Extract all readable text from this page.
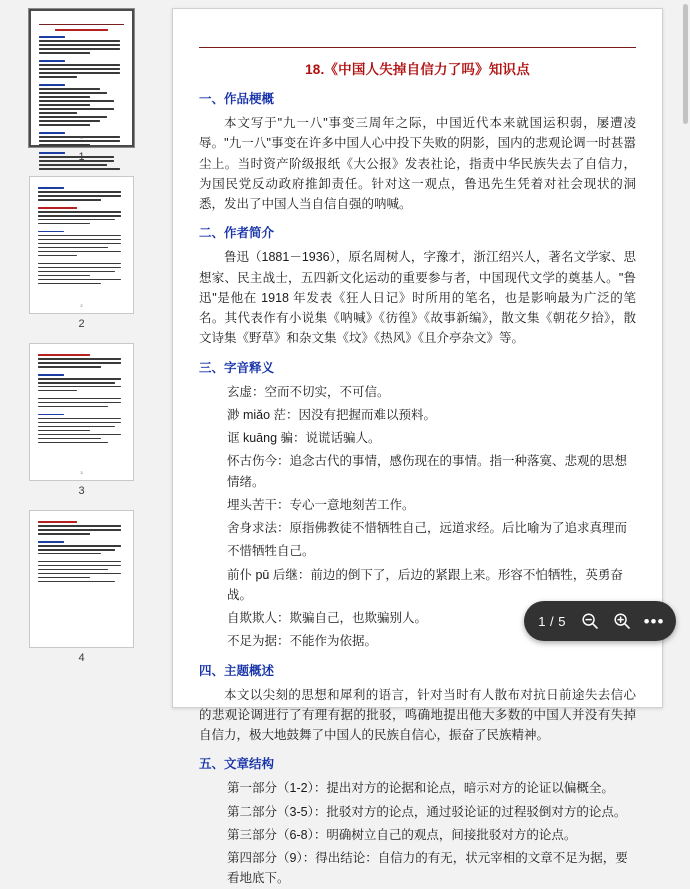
1
2
2
3
3
4
18.《中国人失掉自信力了吗》知识点
一、作品梗概

本文写于"九一八"事变三周年之际，中国近代本来就国运积弱，屡遭凌辱。"九一八"事变在许多中国人心中投下失败的阴影，国内的悲观论调一时甚嚣尘上。当时资产阶级报纸《大公报》发表社论，指责中华民族失去了自信力，为国民党反动政府推卸责任。针对这一观点，鲁迅先生凭着对社会现状的洞悉，发出了中国人当自信自强的呐喊。

二、作者简介

鲁迅（1881－1936），原名周树人，字豫才，浙江绍兴人，著名文学家、思想家、民主战士，五四新文化运动的重要参与者，中国现代文学的奠基人。"鲁迅"是他在 1918 年发表《狂人日记》时所用的笔名，也是影响最为广泛的笔名。其代表作有小说集《呐喊》《彷徨》《故事新编》，散文集《朝花夕拾》，散文诗集《野草》和杂文集《坟》《热风》《且介亭杂文》等。

三、字音释义

玄虚：空而不切实，不可信。

渺 miǎo 茫：因没有把握而难以预料。

诓 kuāng 骗：说谎话骗人。

怀古伤今：追念古代的事情，感伤现在的事情。指一种落寞、悲观的思想情绪。

埋头苦干：专心一意地刻苦工作。

舍身求法：原指佛教徒不惜牺牲自己，远道求经。后比喻为了追求真理而

不惜牺牲自己。

前仆 pū 后继：前边的倒下了，后边的紧跟上来。形容不怕牺牲，英勇奋战。

自欺欺人：欺骗自己，也欺骗别人。

不足为据：不能作为依据。

四、主题概述

本文以尖刻的思想和犀利的语言，针对当时有人散布对抗日前途失去信心的悲观论调进行了有理有据的批驳，鸣确地提出他大多数的中国人并没有失掉自信力，极大地鼓舞了中国人的民族自信心，振奋了民族精神。

五、文章结构

第一部分（1-2）：提出对方的论据和论点，暗示对方的论证以偏概全。

第二部分（3-5）：批驳对方的论点，通过驳论证的过程驳倒对方的论点。

第三部分（6-8）：明确树立自己的观点，间接批驳对方的论点。

第四部分（9）：得出结论：自信力的有无，状元宰相的文章不足为据，要看地底下。

1 / 5	•••
